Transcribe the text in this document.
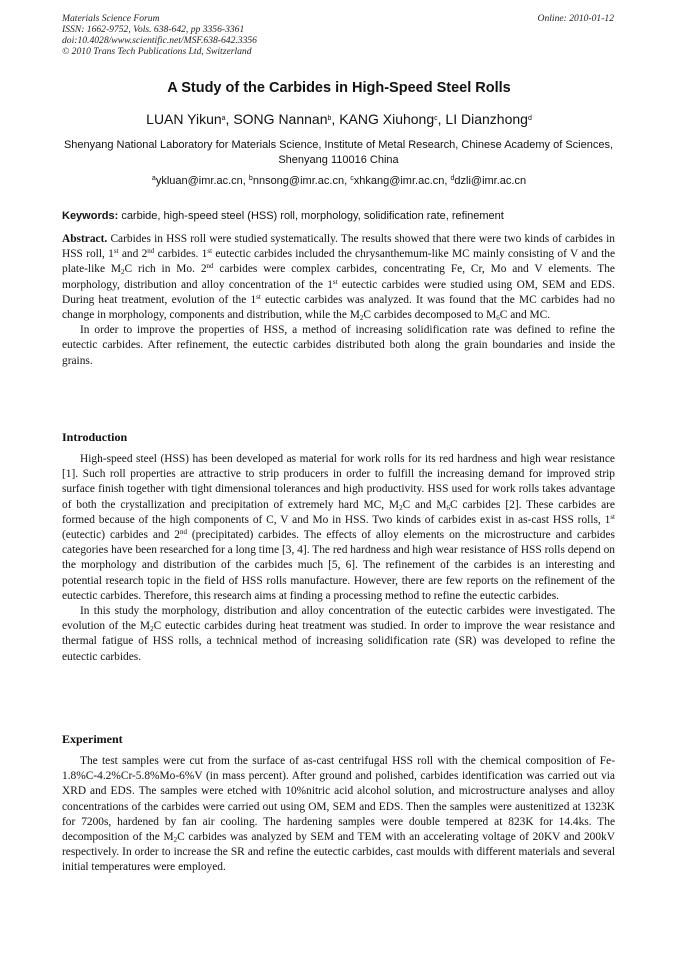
Materials Science Forum
ISSN: 1662-9752, Vols. 638-642, pp 3356-3361
doi:10.4028/www.scientific.net/MSF.638-642.3356
© 2010 Trans Tech Publications Ltd, Switzerland
Online: 2010-01-12
A Study of the Carbides in High-Speed Steel Rolls
LUAN Yikun$^a$, SONG Nannan$^b$, KANG Xiuhong$^c$, LI Dianzhong$^d$
Shenyang National Laboratory for Materials Science, Institute of Metal Research, Chinese Academy of Sciences, Shenyang 110016 China
$^a$ykluan@imr.ac.cn, $^b$nnsong@imr.ac.cn, $^c$xhkang@imr.ac.cn, $^d$dzli@imr.ac.cn
Keywords: carbide, high-speed steel (HSS) roll, morphology, solidification rate, refinement

Abstract. Carbides in HSS roll were studied systematically. The results showed that there were two kinds of carbides in HSS roll, 1st and 2nd carbides. 1st eutectic carbides included the chrysanthemum-like MC mainly consisting of V and the plate-like $M_2C$ rich in Mo. 2nd carbides were complex carbides, concentrating Fe, Cr, Mo and V elements. The morphology, distribution and alloy concentration of the 1st eutectic carbides were studied using OM, SEM and EDS. During heat treatment, evolution of the 1st eutectic carbides was analyzed. It was found that the MC carbides had no change in morphology, components and distribution, while the $M_2C$ carbides decomposed to $M_6C$ and MC.

In order to improve the properties of HSS, a method of increasing solidification rate was defined to refine the eutectic carbides. After refinement, the eutectic carbides distributed both along the grain boundaries and inside the grains.

Introduction

High-speed steel (HSS) has been developed as material for work rolls for its red hardness and high wear resistance [1]. Such roll properties are attractive to strip producers in order to fulfill the increasing demand for improved strip surface finish together with tight dimensional tolerances and high productivity. HSS used for work rolls takes advantage of both the crystallization and precipitation of extremely hard MC, $M_2C$ and $M_6C$ carbides [2]. These carbides are formed because of the high components of C, V and Mo in HSS. Two kinds of carbides exist in as-cast HSS rolls, 1st (eutectic) carbides and 2nd (precipitated) carbides. The effects of alloy elements on the microstructure and carbides categories have been researched for a long time [3, 4]. The red hardness and high wear resistance of HSS rolls depend on the morphology and distribution of the carbides much [5, 6]. The refinement of the carbides is an interesting and potential research topic in the field of HSS rolls manufacture. However, there are few reports on the refinement of the eutectic carbides. Therefore, this research aims at finding a processing method to refine the eutectic carbides.

In this study the morphology, distribution and alloy concentration of the eutectic carbides were investigated. The evolution of the $M_2C$ eutectic carbides during heat treatment was studied. In order to improve the wear resistance and thermal fatigue of HSS rolls, a technical method of increasing solidification rate (SR) was developed to refine the eutectic carbides.

Experiment

The test samples were cut from the surface of as-cast centrifugal HSS roll with the chemical composition of Fe-1.8%C-4.2%Cr-5.8%Mo-6%V (in mass percent). After ground and polished, carbides identification was carried out via XRD and EDS. The samples were etched with 10%nitric acid alcohol solution, and microstructure analyses and alloy concentrations of the carbides were carried out using OM, SEM and EDS. Then the samples were austenitized at 1323K for 7200s, hardened by fan air cooling. The hardening samples were double tempered at 823K for 14.4ks. The decomposition of the $M_2C$ carbides was analyzed by SEM and TEM with an accelerating voltage of 20KV and 200kV respectively. In order to increase the SR and refine the eutectic carbides, cast moulds with different materials and several initial temperatures were employed.
